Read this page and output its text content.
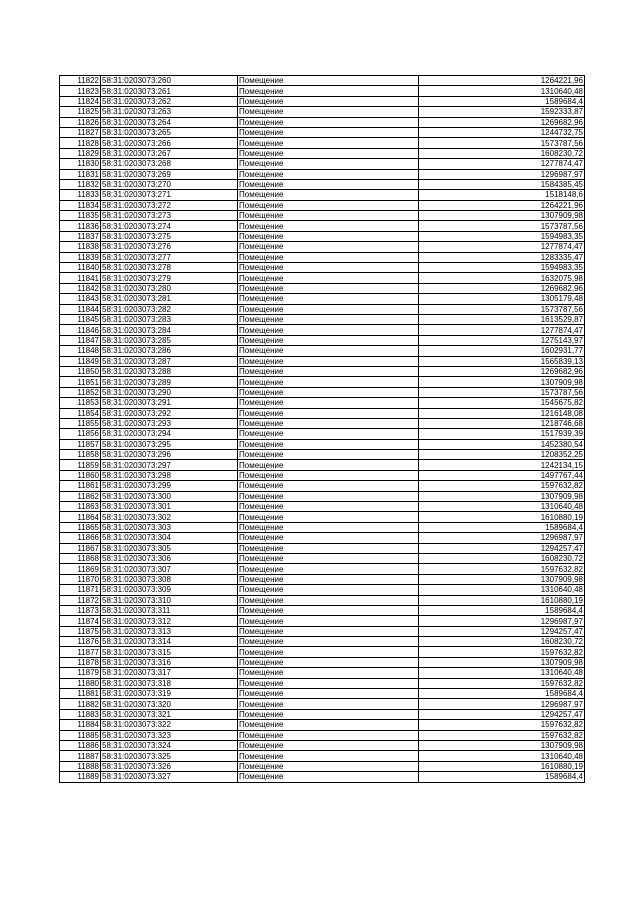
11822	58:31:0203073:260	Помещение	1264221,96
11823	58:31:0203073:261	Помещение	1310640,48
11824	58:31:0203073:262	Помещение	1589684,4
11825	58:31:0203073:263	Помещение	1592333,87
11826	58:31:0203073:264	Помещение	1269682,96
11827	58:31:0203073:265	Помещение	1244732,75
11828	58:31:0203073:266	Помещение	1573787,56
11829	58:31:0203073:267	Помещение	1608230,72
11830	58:31:0203073:268	Помещение	1277874,47
11831	58:31:0203073:269	Помещение	1296987,97
11832	58:31:0203073:270	Помещение	1584385,45
11833	58:31:0203073:271	Помещение	1518148,6
11834	58:31:0203073:272	Помещение	1264221,96
11835	58:31:0203073:273	Помещение	1307909,98
11836	58:31:0203073:274	Помещение	1573787,56
11837	58:31:0203073:275	Помещение	1594983,35
11838	58:31:0203073:276	Помещение	1277874,47
11839	58:31:0203073:277	Помещение	1283335,47
11840	58:31:0203073:278	Помещение	1594983,35
11841	58:31:0203073:279	Помещение	1632075,98
11842	58:31:0203073:280	Помещение	1269682,96
11843	58:31:0203073:281	Помещение	1305179,48
11844	58:31:0203073:282	Помещение	1573787,56
11845	58:31:0203073:283	Помещение	1613529,87
11846	58:31:0203073:284	Помещение	1277874,47
11847	58:31:0203073:285	Помещение	1275143,97
11848	58:31:0203073:286	Помещение	1602931,77
11849	58:31:0203073:287	Помещение	1565839,13
11850	58:31:0203073:288	Помещение	1269682,96
11851	58:31:0203073:289	Помещение	1307909,98
11852	58:31:0203073:290	Помещение	1573787,56
11853	58:31:0203073:291	Помещение	1545675,82
11854	58:31:0203073:292	Помещение	1216148,08
11855	58:31:0203073:293	Помещение	1218746,68
11856	58:31:0203073:294	Помещение	1517939,39
11857	58:31:0203073:295	Помещение	1452380,54
11858	58:31:0203073:296	Помещение	1208352,25
11859	58:31:0203073:297	Помещение	1242134,15
11860	58:31:0203073:298	Помещение	1497767,44
11861	58:31:0203073:299	Помещение	1597632,82
11862	58:31:0203073:300	Помещение	1307909,98
11863	58:31:0203073:301	Помещение	1310640,48
11864	58:31:0203073:302	Помещение	1610880,19
11865	58:31:0203073:303	Помещение	1589684,4
11866	58:31:0203073:304	Помещение	1296987,97
11867	58:31:0203073:305	Помещение	1294257,47
11868	58:31:0203073:306	Помещение	1608230,72
11869	58:31:0203073:307	Помещение	1597632,82
11870	58:31:0203073:308	Помещение	1307909,98
11871	58:31:0203073:309	Помещение	1310640,48
11872	58:31:0203073:310	Помещение	1610880,19
11873	58:31:0203073:311	Помещение	1589684,4
11874	58:31:0203073:312	Помещение	1296987,97
11875	58:31:0203073:313	Помещение	1294257,47
11876	58:31:0203073:314	Помещение	1608230,72
11877	58:31:0203073:315	Помещение	1597632,82
11878	58:31:0203073:316	Помещение	1307909,98
11879	58:31:0203073:317	Помещение	1310640,48
11880	58:31:0203073:318	Помещение	1597632,82
11881	58:31:0203073:319	Помещение	1589684,4
11882	58:31:0203073:320	Помещение	1296987,97
11883	58:31:0203073:321	Помещение	1294257,47
11884	58:31:0203073:322	Помещение	1597632,82
11885	58:31:0203073:323	Помещение	1597632,82
11886	58:31:0203073:324	Помещение	1307909,98
11887	58:31:0203073:325	Помещение	1310640,48
11888	58:31:0203073:326	Помещение	1610880,19
11889	58:31:0203073:327	Помещение	1589684,4
